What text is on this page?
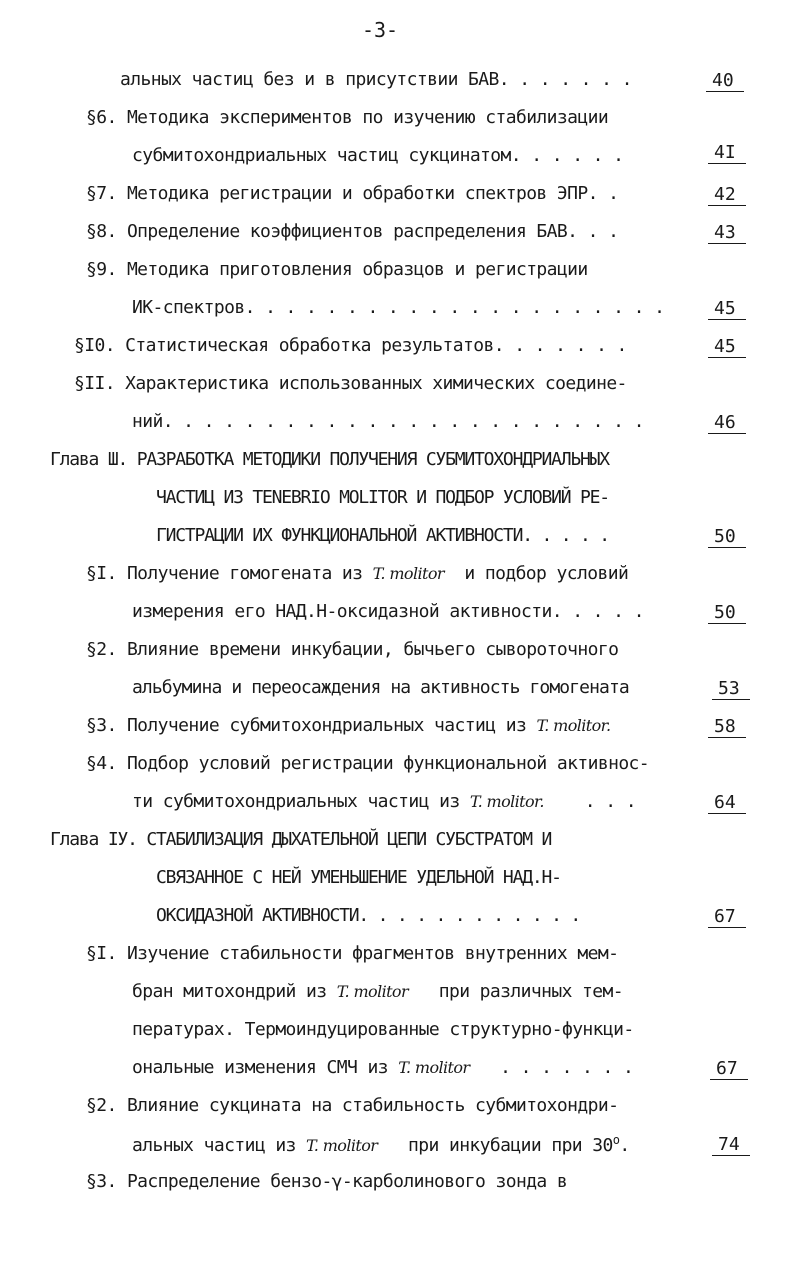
-3-
альных частиц без и в присутствии БАВ. . . . . . .	40
§6. Методика экспериментов по изучению стабилизации
субмитохондриальных частиц сукцинатом. . . . . .	4I
§7. Методика регистрации и обработки спектров ЭПР. .	42
§8. Определение коэффициентов распределения БАВ. . .	43
§9. Методика приготовления образцов и регистрации
ИК-спектров. . . . . . . . . . . . . . . . . . . . .	45
§I0. Статистическая обработка результатов. . . . . . .	45
§II. Характеристика использованных химических соедине-
ний. . . . . . . . . . . . . . . . . . . . . . . .	46
Глава Ш. РАЗРАБОТКА МЕТОДИКИ ПОЛУЧЕНИЯ СУБМИТОХОНДРИАЛЬНЫХ
ЧАСТИЦ ИЗ TENEBRIO MOLITOR И ПОДБОР УСЛОВИЙ РЕ-
ГИСТРАЦИИ ИХ ФУНКЦИОНАЛЬНОЙ АКТИВНОСТИ. . . . .	50
§I. Получение гомогената из T. molitor и подбор условий
измерения его НАД.Н-оксидазной активности. . . . .	50
§2. Влияние времени инкубации, бычьего сывороточного
альбумина и переосаждения на активность гомогената	53
§3. Получение субмитохондриальных частиц из T. molitor.	58
§4. Подбор условий регистрации функциональной активнос-
ти субмитохондриальных частиц из T. molitor. . . .	64
Глава IУ. СТАБИЛИЗАЦИЯ ДЫХАТЕЛЬНОЙ ЦЕПИ СУБСТРАТОМ И
СВЯЗАННОЕ С НЕЙ УМЕНЬШЕНИЕ УДЕЛЬНОЙ НАД.Н-
ОКСИДАЗНОЙ АКТИВНОСТИ. . . . . . . . . . . .	67
§I. Изучение стабильности фрагментов внутренних мем-
бран митохондрий из T. molitor при различных тем-
пературах. Термоиндуцированные структурно-функци-
ональные изменения СМЧ из T. molitor . . . . . . .	67
§2. Влияние сукцината на стабильность субмитохондри-
альных частиц из T. molitor при инкубации при 30$^o$.	74
§3. Распределение бензо-γ-карболинового зонда в
